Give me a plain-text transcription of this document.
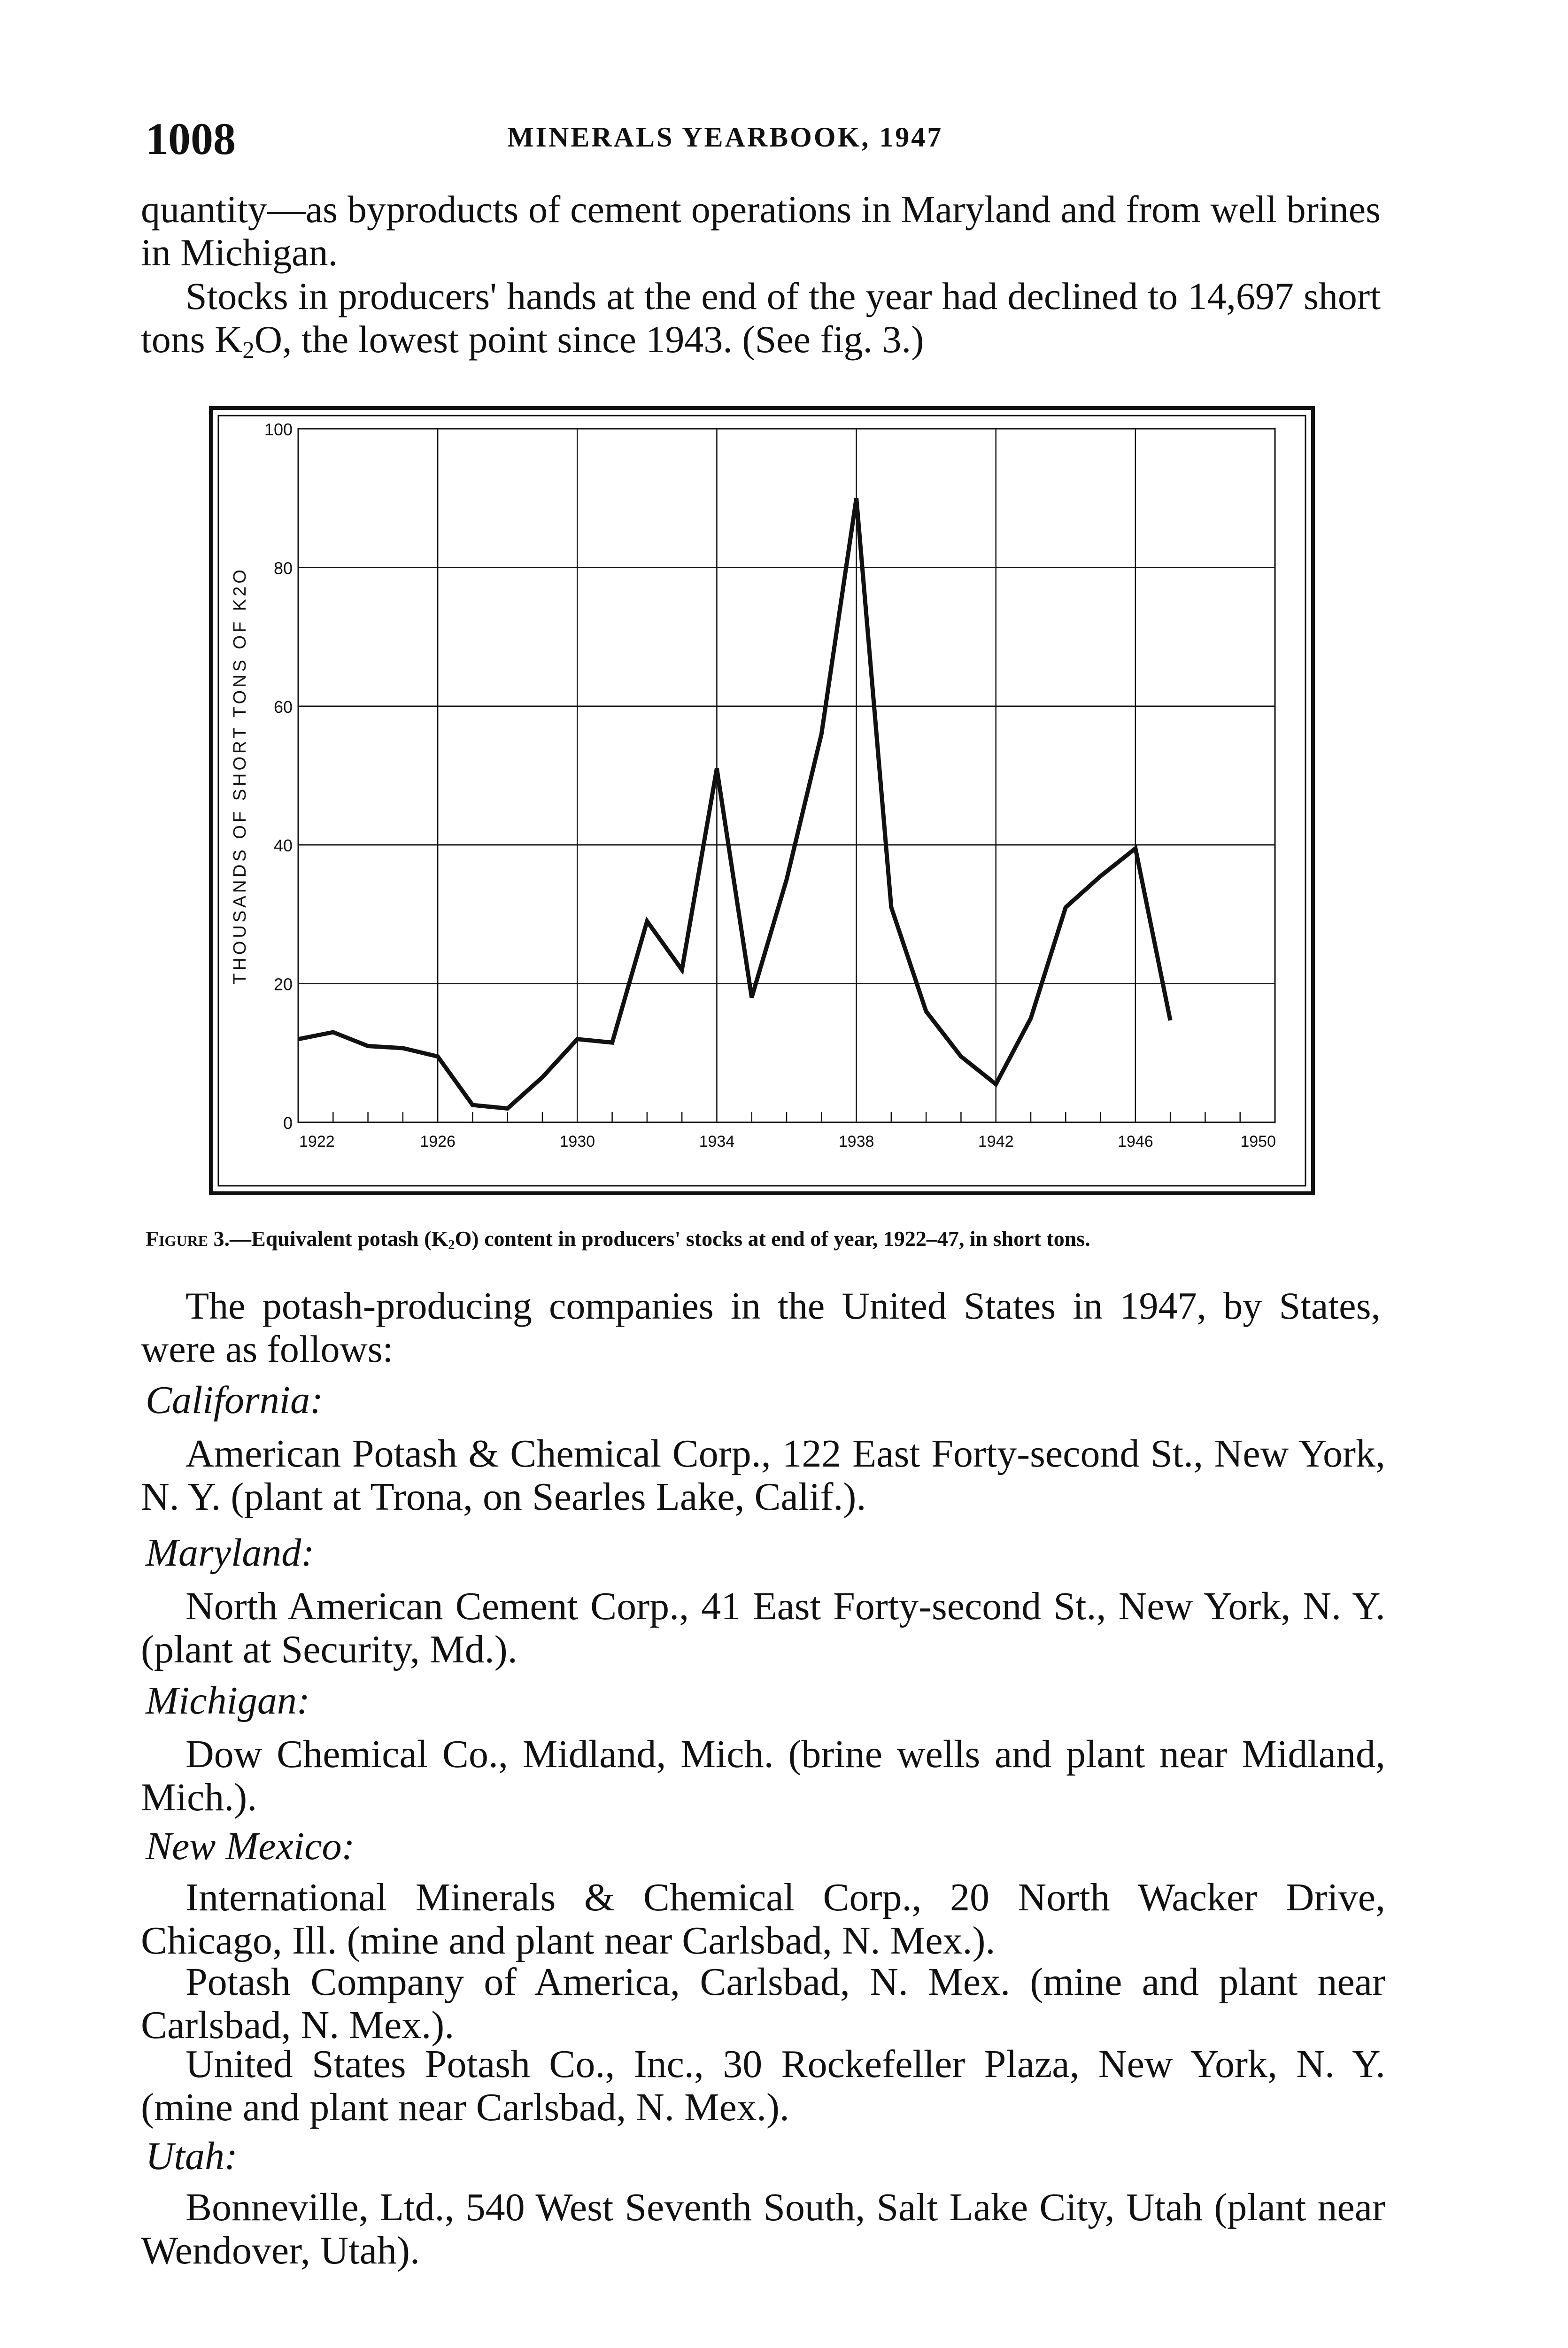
1008	MINERALS YEARBOOK, 1947
quantity—as byproducts of cement operations in Maryland and from well brines in Michigan.
Stocks in producers' hands at the end of the year had declined to 14,697 short tons $K_2O$, the lowest point since 1943. (See fig. 3.)
1922	1926	1930	1934	1938	1942	1946	1950
0
20
40
60
80
100
THOUSANDS OF SHORT TONS OF K2O
Figure 3.—Equivalent potash $(K_2O)$ content in producers' stocks at end of year, 1922–47, in short tons.
The potash-producing companies in the United States in 1947, by States, were as follows:
California:
American Potash & Chemical Corp., 122 East Forty-second St., New York, N. Y. (plant at Trona, on Searles Lake, Calif.).
Maryland:
North American Cement Corp., 41 East Forty-second St., New York, N. Y. (plant at Security, Md.).
Michigan:
Dow Chemical Co., Midland, Mich. (brine wells and plant near Midland, Mich.).
New Mexico:
International Minerals & Chemical Corp., 20 North Wacker Drive, Chicago, Ill. (mine and plant near Carlsbad, N. Mex.).
Potash Company of America, Carlsbad, N. Mex. (mine and plant near Carlsbad, N. Mex.).
United States Potash Co., Inc., 30 Rockefeller Plaza, New York, N. Y. (mine and plant near Carlsbad, N. Mex.).
Utah:
Bonneville, Ltd., 540 West Seventh South, Salt Lake City, Utah (plant near Wendover, Utah).
